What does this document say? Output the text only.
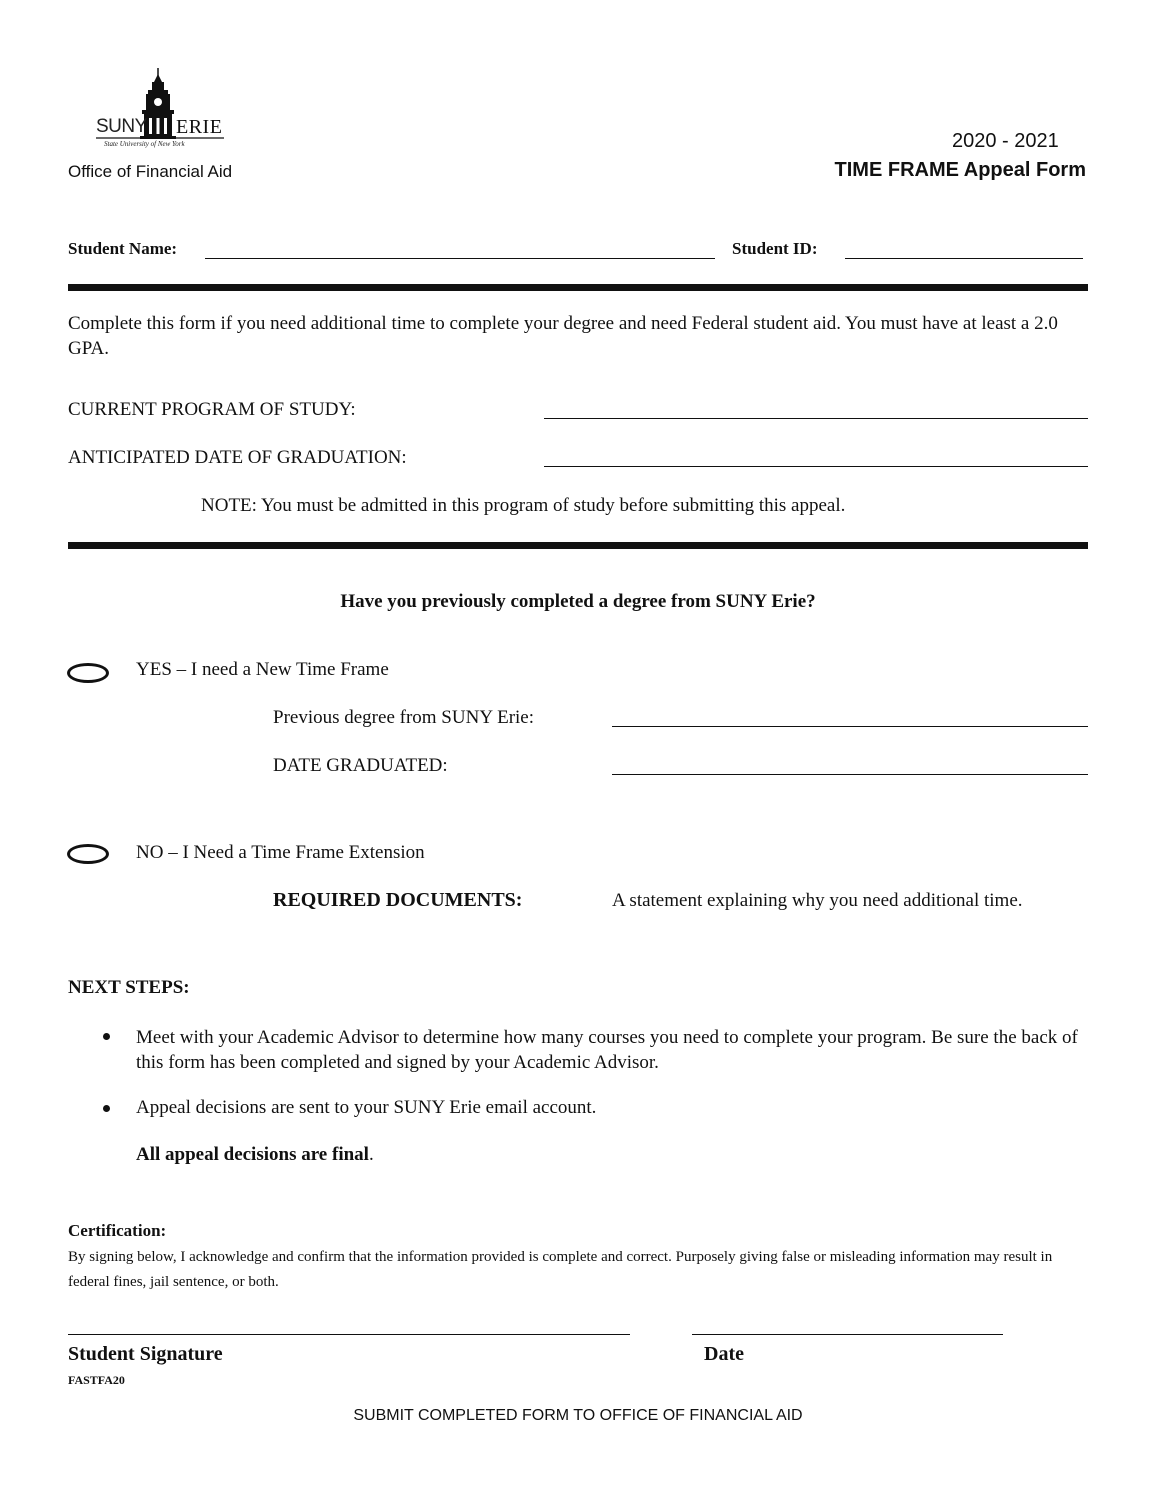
SUNY ERIE
State University of New York
Office of Financial Aid
2020 - 2021
TIME FRAME Appeal Form
Student Name:	Student ID:
Complete this form if you need additional time to complete your degree and need Federal student aid. You must have at least a 2.0 GPA.
CURRENT PROGRAM OF STUDY:
ANTICIPATED DATE OF GRADUATION:
NOTE: You must be admitted in this program of study before submitting this appeal.
Have you previously completed a degree from SUNY Erie?
YES – I need a New Time Frame
Previous degree from SUNY Erie:
DATE GRADUATED:
NO – I Need a Time Frame Extension
REQUIRED DOCUMENTS:	A statement explaining why you need additional time.
NEXT STEPS:
Meet with your Academic Advisor to determine how many courses you need to complete your program. Be sure the back of this form has been completed and signed by your Academic Advisor.
Appeal decisions are sent to your SUNY Erie email account.
All appeal decisions are final.
Certification:
By signing below, I acknowledge and confirm that the information provided is complete and correct. Purposely giving false or misleading information may result in federal fines, jail sentence, or both.
Student Signature	Date
FASTFA20
SUBMIT COMPLETED FORM TO OFFICE OF FINANCIAL AID
